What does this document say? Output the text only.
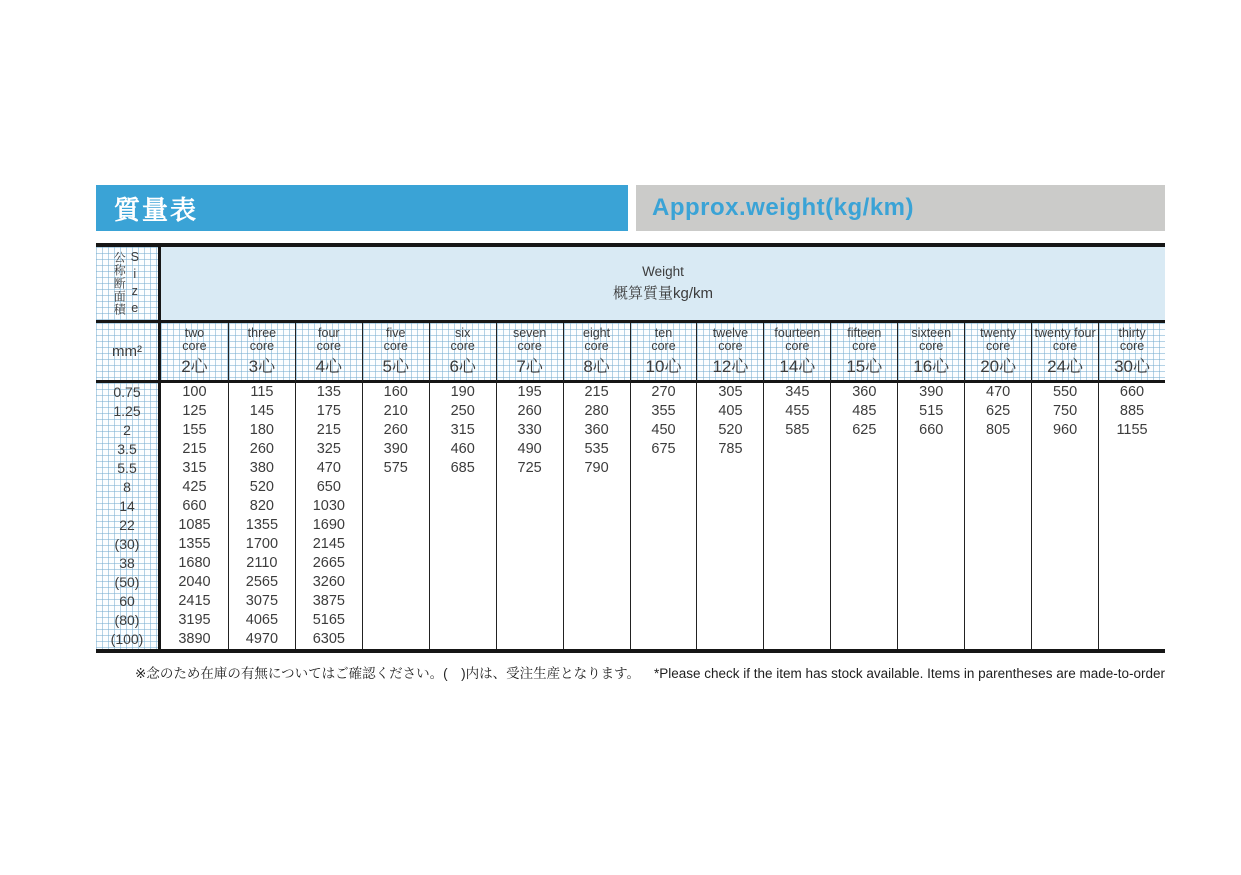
質量表	Approx.weight(kg/km)
公称断面積 Size	Weight
概算質量kg/km
mm²
two
core
2心
three
core
3心
four
core
4心
five
core
5心
six
core
6心
seven
core
7心
eight
core
8心
ten
core
10心
twelve
core
12心
fourteen
core
14心
fifteen
core
15心
sixteen
core
16心
twenty
core
20心
twenty four
core
24心
thirty
core
30心
0.75
1.25
2
3.5
5.5
8
14
22
(30)
38
(50)
60
(80)
(100)
100
125
155
215
315
425
660
1085
1355
1680
2040
2415
3195
3890
115
145
180
260
380
520
820
1355
1700
2110
2565
3075
4065
4970
135
175
215
325
470
650
1030
1690
2145
2665
3260
3875
5165
6305
160
210
260
390
575
190
250
315
460
685
195
260
330
490
725
215
280
360
535
790
270
355
450
675
305
405
520
785
345
455
585
360
485
625
390
515
660
470
625
805
550
750
960
660
885
1155
※念のため在庫の有無についてはご確認ください。(　)内は、受注生産となります。 *Please check if the item has stock available. Items in parentheses are made-to-order
